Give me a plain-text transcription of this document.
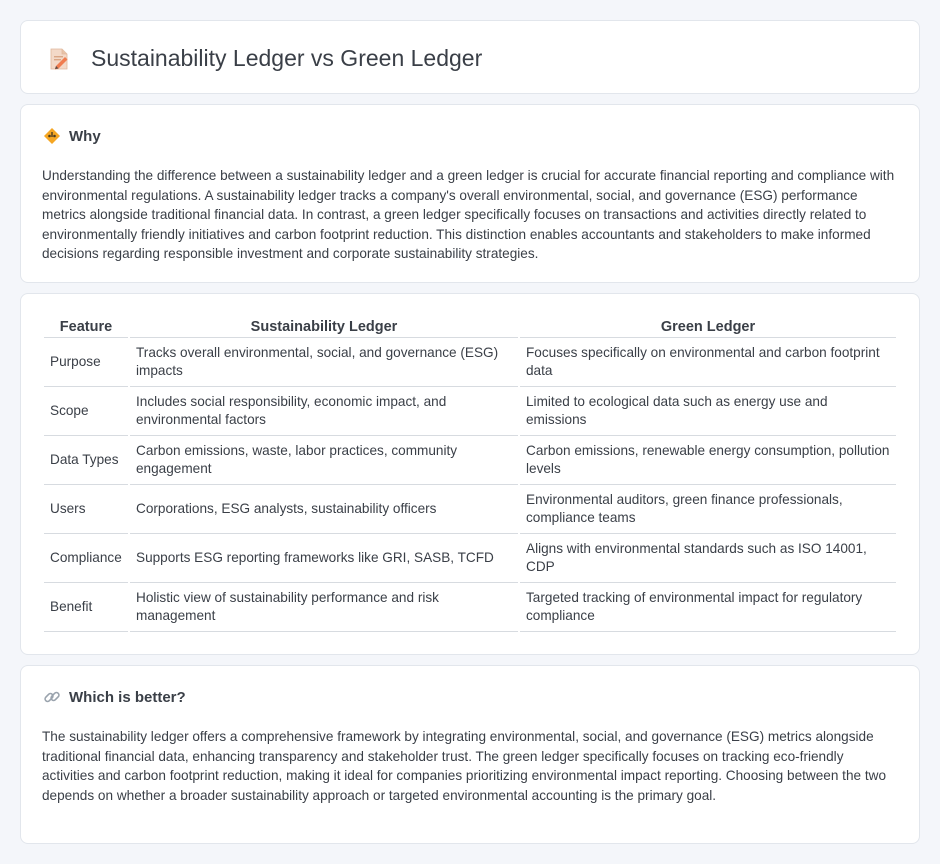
Sustainability Ledger vs Green Ledger
Why

Understanding the difference between a sustainability ledger and a green ledger is crucial for accurate financial reporting and compliance with environmental regulations. A sustainability ledger tracks a company's overall environmental, social, and governance (ESG) performance metrics alongside traditional financial data. In contrast, a green ledger specifically focuses on transactions and activities directly related to environmentally friendly initiatives and carbon footprint reduction. This distinction enables accountants and stakeholders to make informed decisions regarding responsible investment and corporate sustainability strategies.

Feature	Sustainability Ledger	Green Ledger
Purpose	Tracks overall environmental, social, and governance (ESG) impacts	Focuses specifically on environmental and carbon footprint data
Scope	Includes social responsibility, economic impact, and environmental factors	Limited to ecological data such as energy use and emissions
Data Types	Carbon emissions, waste, labor practices, community engagement	Carbon emissions, renewable energy consumption, pollution levels
Users	Corporations, ESG analysts, sustainability officers	Environmental auditors, green finance professionals, compliance teams
Compliance	Supports ESG reporting frameworks like GRI, SASB, TCFD	Aligns with environmental standards such as ISO 14001, CDP
Benefit	Holistic view of sustainability performance and risk management	Targeted tracking of environmental impact for regulatory compliance
Which is better?

The sustainability ledger offers a comprehensive framework by integrating environmental, social, and governance (ESG) metrics alongside traditional financial data, enhancing transparency and stakeholder trust. The green ledger specifically focuses on tracking eco-friendly activities and carbon footprint reduction, making it ideal for companies prioritizing environmental impact reporting. Choosing between the two depends on whether a broader sustainability approach or targeted environmental accounting is the primary goal.
